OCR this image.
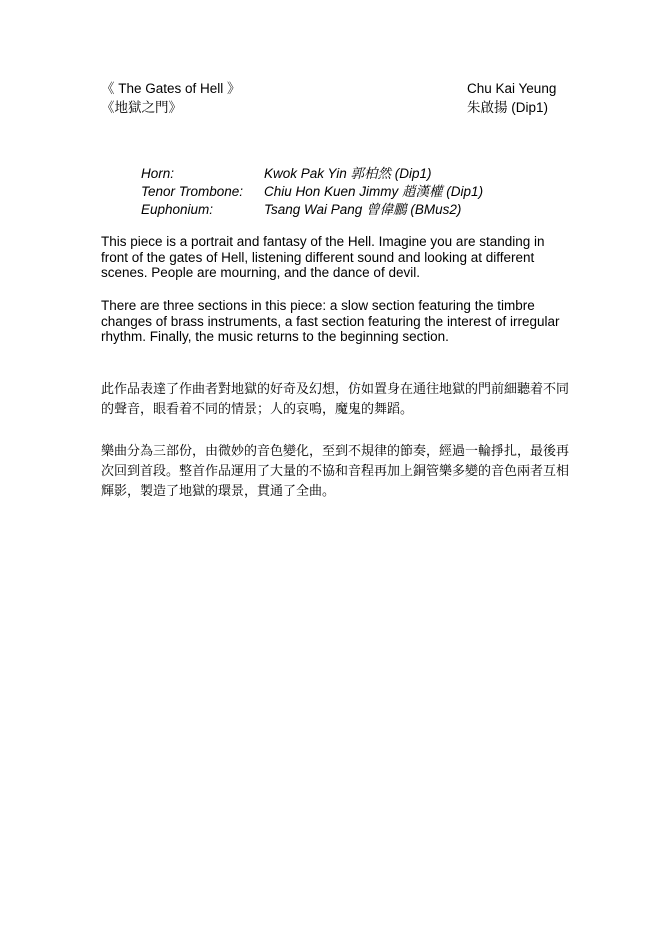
《 The Gates of Hell 》	Chu Kai Yeung
《地獄之門》	朱啟揚 (Dip1)
Horn:	Kwok Pak Yin 郭柏然 (Dip1)
Tenor Trombone: Chiu Hon Kuen Jimmy 趙漢權 (Dip1)
Euphonium:	Tsang Wai Pang 曾偉鵬 (BMus2)

This piece is a portrait and fantasy of the Hell. Imagine you are standing in front of the gates of Hell, listening different sound and looking at different scenes. People are mourning, and the dance of devil.

There are three sections in this piece: a slow section featuring the timbre changes of brass instruments, a fast section featuring the interest of irregular rhythm. Finally, the music returns to the beginning section.

此作品表達了作曲者對地獄的好奇及幻想，仿如置身在通往地獄的門前細聽着不同的聲音，眼看着不同的情景；人的哀鳴，魔鬼的舞蹈。

樂曲分為三部份，由微妙的音色變化，至到不規律的節奏，經過一輪掙扎，最後再次回到首段。整首作品運用了大量的不協和音程再加上銅管樂多變的音色兩者互相輝影，製造了地獄的環景，貫通了全曲。
